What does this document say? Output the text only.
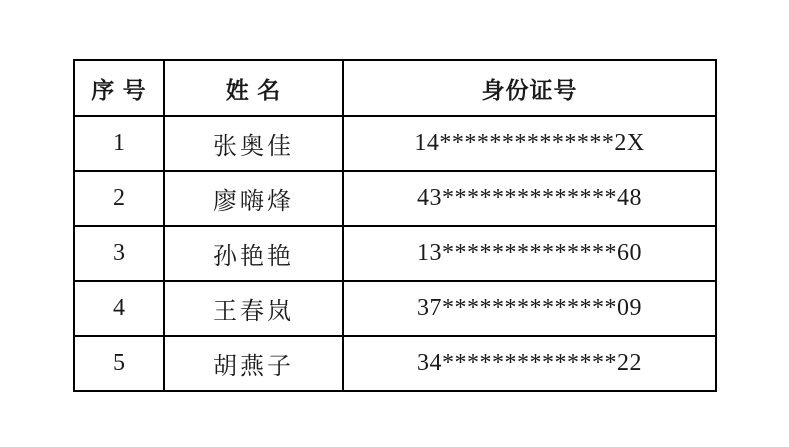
序 号	姓 名	身份证号
1	张奥佳	14**************2X
2	廖嗨烽	43**************48
3	孙艳艳	13**************60
4	王春岚	37**************09
5	胡燕子	34**************22
